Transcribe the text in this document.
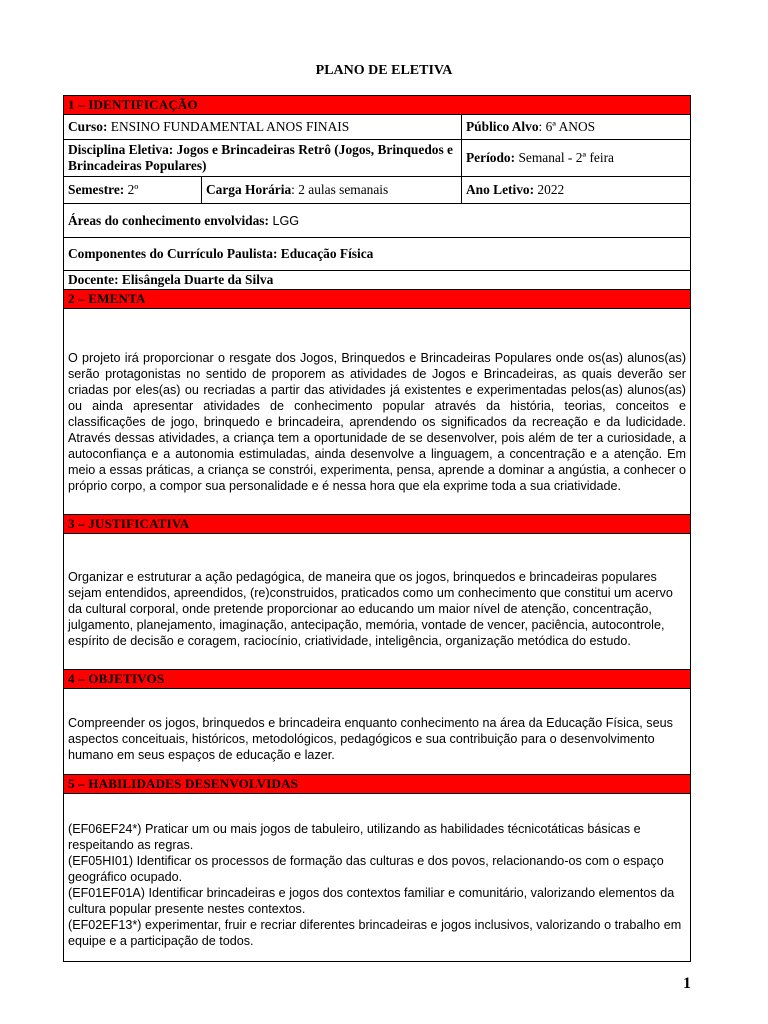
PLANO DE ELETIVA
1 – IDENTIFICAÇÃO		
Curso: ENSINO FUNDAMENTAL ANOS FINAIS		Público Alvo: 6ª ANOS
Disciplina Eletiva: Jogos e Brincadeiras Retrô (Jogos, Brinquedos e Brincadeiras Populares)		Período: Semanal - 2ª feira
Semestre: 2º	Carga Horária: 2 aulas semanais	Ano Letivo: 2022
Áreas do conhecimento envolvidas: LGG		
Componentes do Currículo Paulista: Educação Física		
Docente: Elisângela Duarte da Silva		
2 – EMENTA		
O projeto irá proporcionar o resgate dos Jogos, Brinquedos e Brincadeiras Populares onde os(as) alunos(as) serão protagonistas no sentido de proporem as atividades de Jogos e Brincadeiras, as quais deverão ser criadas por eles(as) ou recriadas a partir das atividades já existentes e experimentadas pelos(as) alunos(as) ou ainda apresentar atividades de conhecimento popular através da história, teorias, conceitos e classificações de jogo, brinquedo e brincadeira, aprendendo os significados da recreação e da ludicidade. Através dessas atividades, a criança tem a oportunidade de se desenvolver, pois além de ter a curiosidade, a autoconfiança e a autonomia estimuladas, ainda desenvolve a linguagem, a concentração e a atenção. Em meio a essas práticas, a criança se constrói, experimenta, pensa, aprende a dominar a angústia, a conhecer o próprio corpo, a compor sua personalidade e é nessa hora que ela exprime toda a sua criatividade.		
3 – JUSTIFICATIVA		
Organizar e estruturar a ação pedagógica, de maneira que os jogos, brinquedos e brincadeiras populares sejam entendidos, apreendidos, (re)construidos, praticados como um conhecimento que constitui um acervo da cultural corporal, onde pretende proporcionar ao educando um maior nível de atenção, concentração, julgamento, planejamento, imaginação, antecipação, memória, vontade de vencer, paciência, autocontrole, espírito de decisão e coragem, raciocínio, criatividade, inteligência, organização metódica do estudo.		
4 – OBJETIVOS		
Compreender os jogos, brinquedos e brincadeira enquanto conhecimento na área da Educação Física, seus aspectos conceituais, históricos, metodológicos, pedagógicos e sua contribuição para o desenvolvimento humano em seus espaços de educação e lazer.		
5 – HABILIDADES DESENVOLVIDAS		

(EF06EF24*) Praticar um ou mais jogos de tabuleiro, utilizando as habilidades técnicotáticas básicas e respeitando as regras.
(EF05HI01) Identificar os processos de formação das culturas e dos povos, relacionando-os com o espaço geográfico ocupado.
(EF01EF01A) Identificar brincadeiras e jogos dos contextos familiar e comunitário, valorizando elementos da cultura popular presente nestes contextos.
(EF02EF13*) experimentar, fruir e recriar diferentes brincadeiras e jogos inclusivos, valorizando o trabalho em equipe e a participação de todos.		
1
